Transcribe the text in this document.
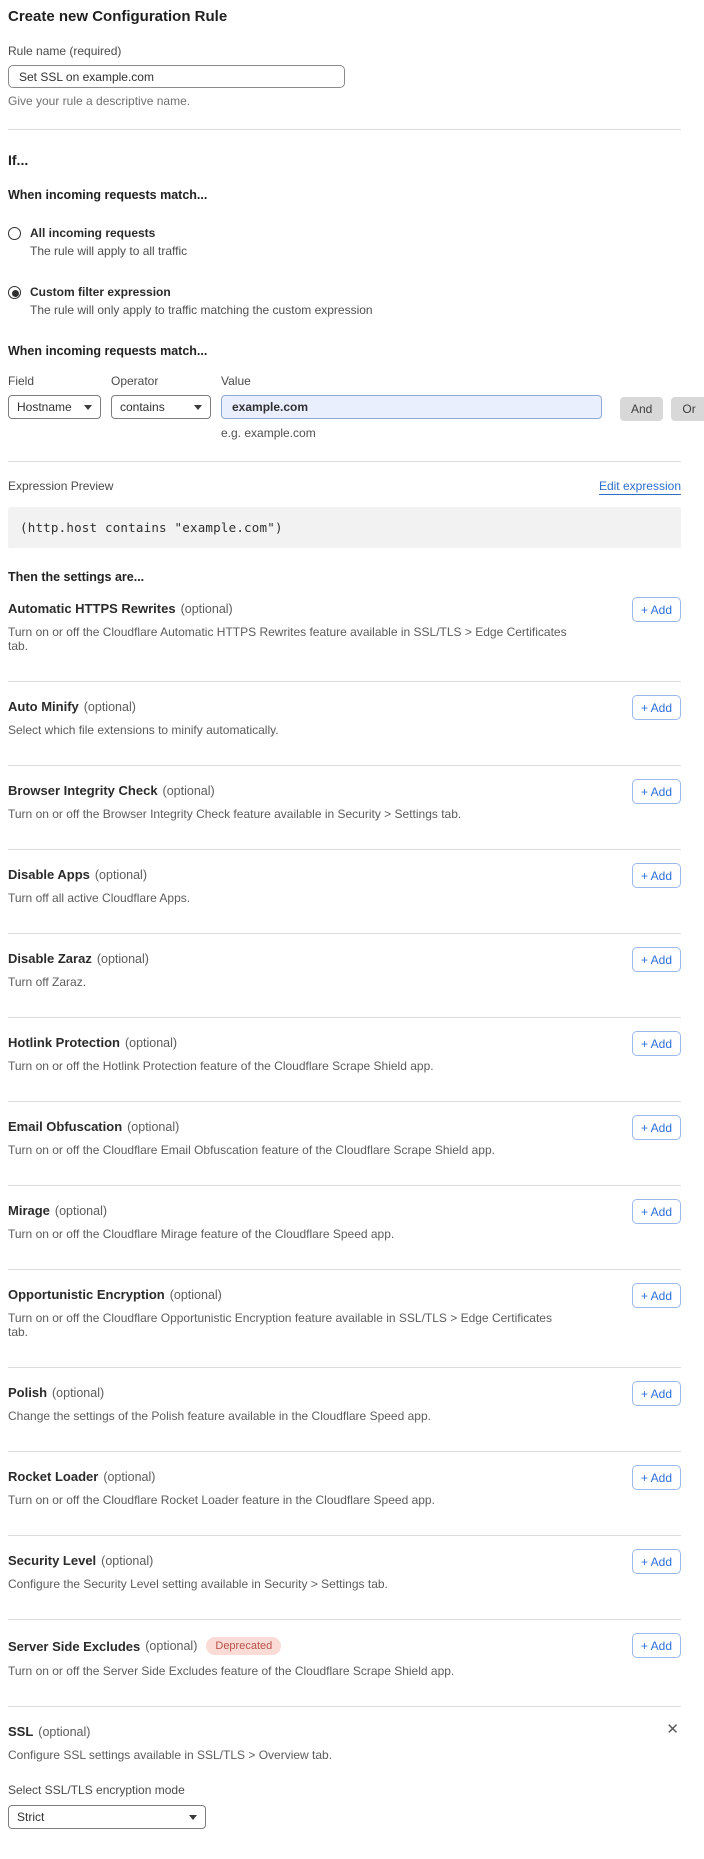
Create new Configuration Rule
Rule name (required)
Set SSL on example.com
Give your rule a descriptive name.
If...
When incoming requests match...
All incoming requests
The rule will apply to all traffic
Custom filter expression
The rule will only apply to traffic matching the custom expression
When incoming requests match...
Field
Hostname
Operator
contains
Value
example.com
e.g. example.com
And	Or
Expression Preview	Edit expression
(http.host contains "example.com")
Then the settings are...
Automatic HTTPS Rewrites (optional)
Turn on or off the Cloudflare Automatic HTTPS Rewrites feature available in SSL/TLS > Edge Certificates tab.
+ Add
Auto Minify (optional)
Select which file extensions to minify automatically.
+ Add
Browser Integrity Check (optional)
Turn on or off the Browser Integrity Check feature available in Security > Settings tab.
+ Add
Disable Apps (optional)
Turn off all active Cloudflare Apps.
+ Add
Disable Zaraz (optional)
Turn off Zaraz.
+ Add
Hotlink Protection (optional)
Turn on or off the Hotlink Protection feature of the Cloudflare Scrape Shield app.
+ Add
Email Obfuscation (optional)
Turn on or off the Cloudflare Email Obfuscation feature of the Cloudflare Scrape Shield app.
+ Add
Mirage (optional)
Turn on or off the Cloudflare Mirage feature of the Cloudflare Speed app.
+ Add
Opportunistic Encryption (optional)
Turn on or off the Cloudflare Opportunistic Encryption feature available in SSL/TLS > Edge Certificates tab.
+ Add
Polish (optional)
Change the settings of the Polish feature available in the Cloudflare Speed app.
+ Add
Rocket Loader (optional)
Turn on or off the Cloudflare Rocket Loader feature in the Cloudflare Speed app.
+ Add
Security Level (optional)
Configure the Security Level setting available in Security > Settings tab.
+ Add
Server Side Excludes (optional)	Deprecated
Turn on or off the Server Side Excludes feature of the Cloudflare Scrape Shield app.
+ Add
✕
SSL (optional)
Configure SSL settings available in SSL/TLS > Overview tab.
Select SSL/TLS encryption mode
Strict
